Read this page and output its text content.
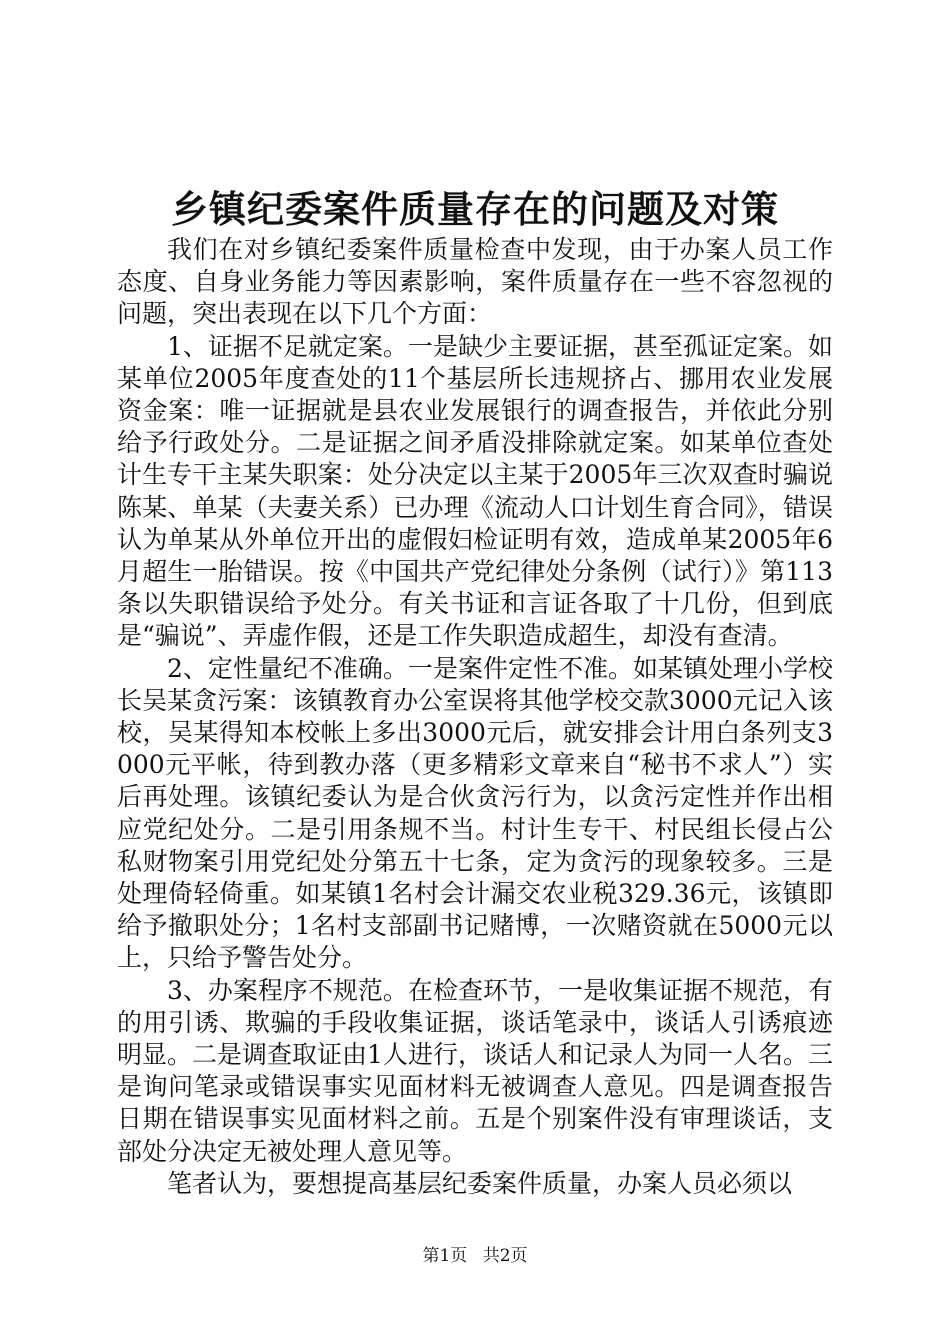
乡镇纪委案件质量存在的问题及对策

我们在对乡镇纪委案件质量检查中发现，由于办案人员工作态度、自身业务能力等因素影响，案件质量存在一些不容忽视的问题，突出表现在以下几个方面：

1、证据不足就定案。一是缺少主要证据，甚至孤证定案。如某单位2005年度查处的11个基层所长违规挤占、挪用农业发展资金案：唯一证据就是县农业发展银行的调查报告，并依此分别给予行政处分。二是证据之间矛盾没排除就定案。如某单位查处计生专干主某失职案：处分决定以主某于2005年三次双查时骗说陈某、单某（夫妻关系）已办理《流动人口计划生育合同》，错误认为单某从外单位开出的虚假妇检证明有效，造成单某2005年6月超生一胎错误。按《中国共产党纪律处分条例（试行）》第113条以失职错误给予处分。有关书证和言证各取了十几份，但到底是“骗说”、弄虚作假，还是工作失职造成超生，却没有查清。

2、定性量纪不准确。一是案件定性不准。如某镇处理小学校长吴某贪污案：该镇教育办公室误将其他学校交款3000元记入该校，吴某得知本校帐上多出3000元后，就安排会计用白条列支3000元平帐，待到教办落（更多精彩文章来自“秘书不求人”）实后再处理。该镇纪委认为是合伙贪污行为，以贪污定性并作出相应党纪处分。二是引用条规不当。村计生专干、村民组长侵占公私财物案引用党纪处分第五十七条，定为贪污的现象较多。三是处理倚轻倚重。如某镇1名村会计漏交农业税329.36元，该镇即给予撤职处分；1名村支部副书记赌博，一次赌资就在5000元以上，只给予警告处分。

3、办案程序不规范。在检查环节，一是收集证据不规范，有的用引诱、欺骗的手段收集证据，谈话笔录中，谈话人引诱痕迹明显。二是调查取证由1人进行，谈话人和记录人为同一人名。三是询问笔录或错误事实见面材料无被调查人意见。四是调查报告日期在错误事实见面材料之前。五是个别案件没有审理谈话，支部处分决定无被处理人意见等。

笔者认为，要想提高基层纪委案件质量，办案人员必须以

第1页 共2页
